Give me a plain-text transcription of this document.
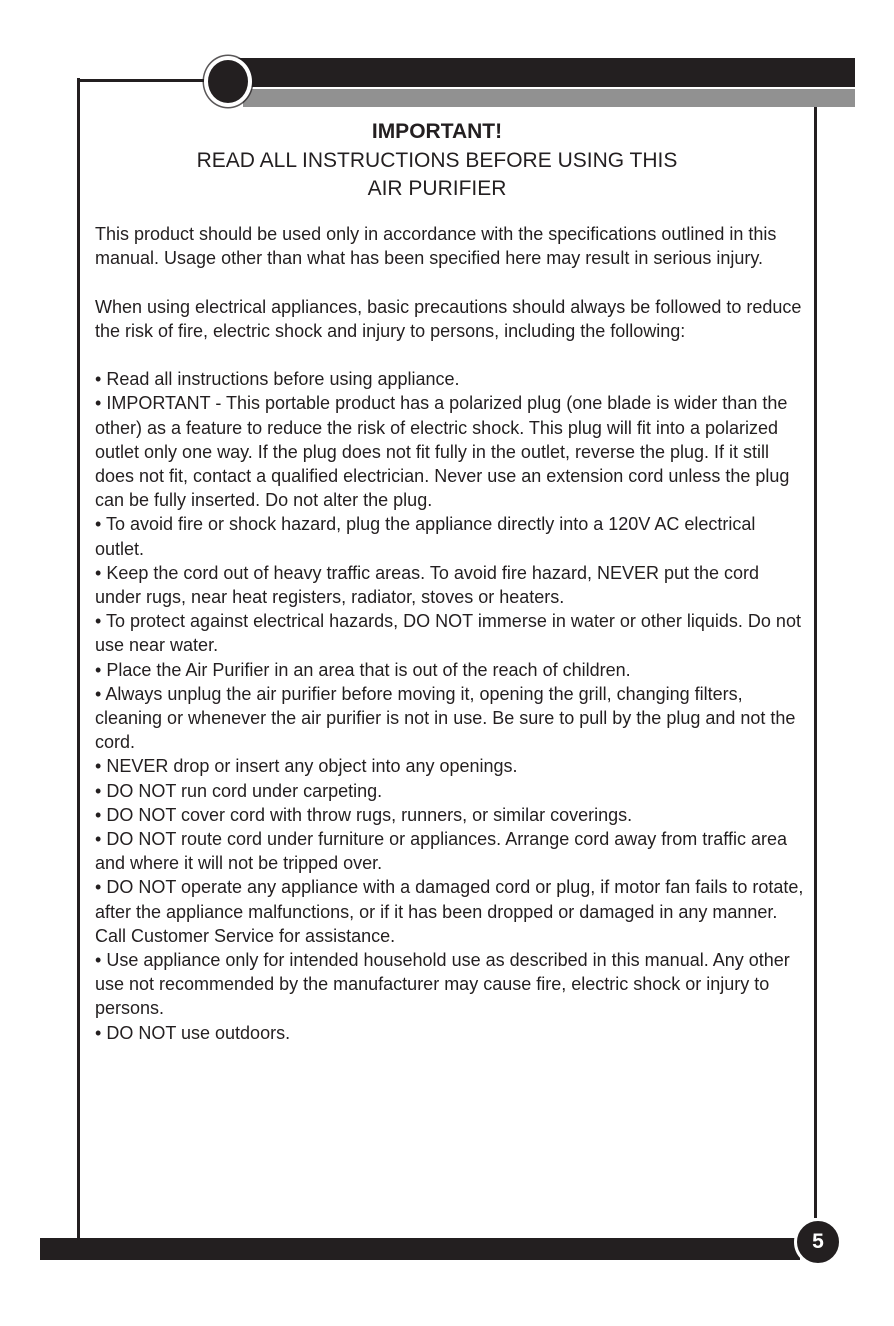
IMPORTANT!
READ ALL INSTRUCTIONS BEFORE USING THIS
AIR PURIFIER
This product should be used only in accordance with the specifications outlined in this manual. Usage other than what has been specified here may result in serious injury.
When using electrical appliances, basic precautions should always be followed to reduce the risk of fire, electric shock and injury to persons, including the following:
• Read all instructions before using appliance.
• IMPORTANT - This portable product has a polarized plug (one blade is wider than the other) as a feature to reduce the risk of electric shock. This plug will fit into a polarized outlet only one way. If the plug does not fit fully in the outlet, reverse the plug. If it still does not fit, contact a qualified electrician. Never use an extension cord unless the plug can be fully inserted. Do not alter the plug.
• To avoid fire or shock hazard, plug the appliance directly into a 120V AC electrical outlet.
• Keep the cord out of heavy traffic areas. To avoid fire hazard, NEVER put the cord under rugs, near heat registers, radiator, stoves or heaters.
• To protect against electrical hazards, DO NOT immerse in water or other liquids. Do not use near water.
• Place the Air Purifier in an area that is out of the reach of children.
• Always unplug the air purifier before moving it, opening the grill, changing filters, cleaning or whenever the air purifier is not in use. Be sure to pull by the plug and not the cord.
• NEVER drop or insert any object into any openings.
• DO NOT run cord under carpeting.
• DO NOT cover cord with throw rugs, runners, or similar coverings.
• DO NOT route cord under furniture or appliances. Arrange cord away from traffic area and where it will not be tripped over.
• DO NOT operate any appliance with a damaged cord or plug, if motor fan fails to rotate, after the appliance malfunctions, or if it has been dropped or damaged in any manner. Call Customer Service for assistance.
• Use appliance only for intended household use as described in this manual. Any other use not recommended by the manufacturer may cause fire, electric shock or injury to persons.
• DO NOT use outdoors.
5
